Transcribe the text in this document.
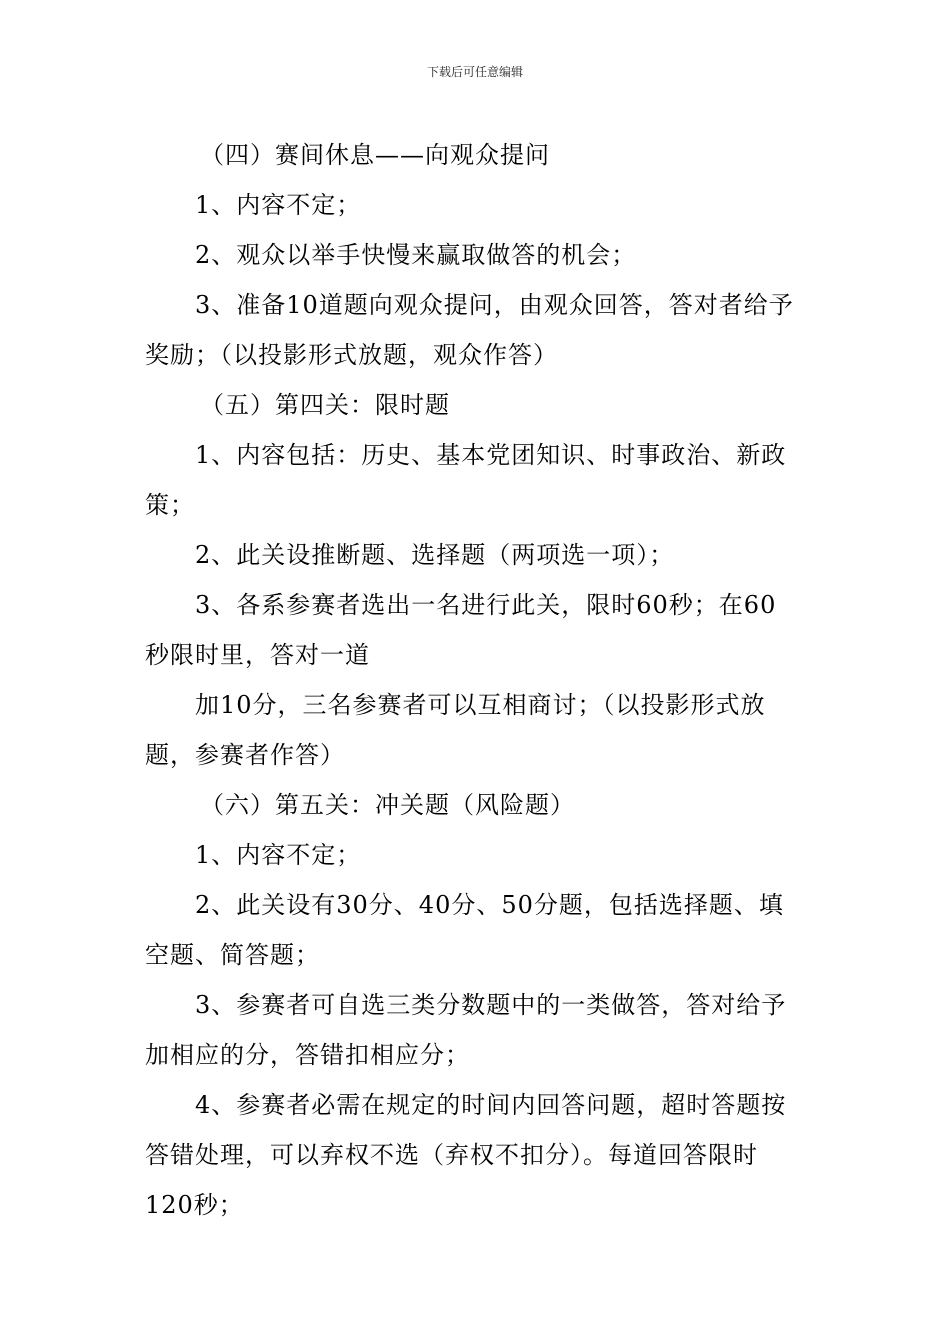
下载后可任意编辑

（四）赛间休息——向观众提问

1、内容不定；

2、观众以举手快慢来赢取做答的机会；

3、准备10道题向观众提问，由观众回答，答对者给予

奖励；（以投影形式放题，观众作答）

（五）第四关：限时题

1、内容包括：历史、基本党团知识、时事政治、新政

策；

2、此关设推断题、选择题（两项选一项）；

3、各系参赛者选出一名进行此关，限时60秒；在60

秒限时里，答对一道

加10分，三名参赛者可以互相商讨；（以投影形式放

题，参赛者作答）

（六）第五关：冲关题（风险题）

1、内容不定；

2、此关设有30分、40分、50分题，包括选择题、填

空题、简答题；

3、参赛者可自选三类分数题中的一类做答，答对给予

加相应的分，答错扣相应分；

4、参赛者必需在规定的时间内回答问题，超时答题按

答错处理，可以弃权不选（弃权不扣分）。每道回答限时

120秒；
